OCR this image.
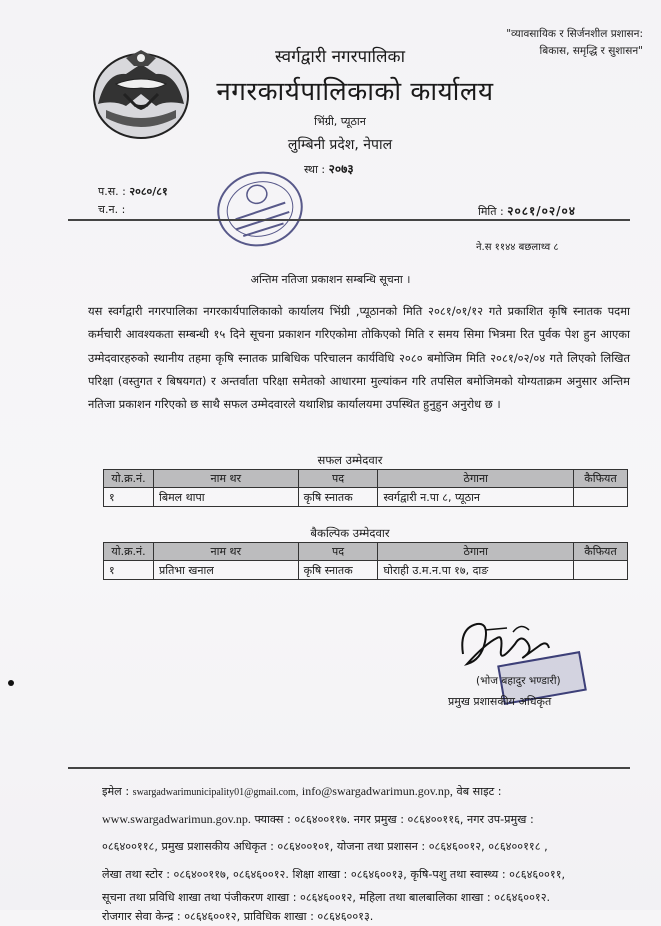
"व्यावसायिक र सिर्जनशील प्रशासन:
बिकास, समृद्धि र सुशासन"
स्वर्गद्वारी नगरपालिका
नगरकार्यपालिकाको कार्यालय
भिंग्री, प्यूठान
लुम्बिनी प्रदेश, नेपाल
स्था : २०७३
प.स. : २०८०/८१
च.न. :	मिति : २०८१/०२/०४
ने.स ११४४ बछलाथ्व ८
अन्तिम नतिजा प्रकाशन सम्बन्धि सूचना ।
यस स्वर्गद्वारी नगरपालिका नगरकार्यपालिकाको कार्यालय भिंग्री ,प्यूठानको मिति २०८१/०१/१२ गते प्रकाशित कृषि स्नातक पदमा कर्मचारी आवश्यकता सम्बन्धी १५ दिने सूचना प्रकाशन गरिएकोमा तोकिएको मिति र समय सिमा भित्रमा रित पुर्वक पेश हुन आएका उम्मेदवारहरुको स्थानीय तहमा कृषि स्नातक प्राबिधिक परिचालन कार्यविधि २०८० बमोजिम मिति २०८१/०२/०४ गते लिएको लिखित परिक्षा (वस्तुगत र बिषयगत) र अन्तर्वाता परिक्षा समेतको आधारमा मुल्यांकन गरि तपसिल बमोजिमको योग्यताक्रम अनुसार अन्तिम नतिजा प्रकाशन गरिएको छ साथै सफल उम्मेदवारले यथाशिघ्र कार्यालयमा उपस्थित हुनुहुन अनुरोध छ ।
सफल उम्मेदवार
यो.क्र.नं.	नाम थर	पद	ठेगाना	कैफियत
१	बिमल थापा	कृषि स्नातक	स्वर्गद्वारी न.पा ८, प्यूठान	
बैकल्पिक उम्मेदवार
यो.क्र.नं.	नाम थर	पद	ठेगाना	कैफियत
१	प्रतिभा खनाल	कृषि स्नातक	घोराही उ.म.न.पा १७, दाङ	
(भोज बहादुर भण्डारी)
प्रमुख प्रशासकीय अधिकृत
इमेल : swargadwarimunicipality01@gmail.com, info@swargadwarimun.gov.np, वेब साइट :
www.swargadwarimun.gov.np. फ्याक्स : ०८६४००११७. नगर प्रमुख : ०८६४००११६, नगर उप-प्रमुख :
०८६४००११८, प्रमुख प्रशासकीय अधिकृत : ०८६४००१०१, योजना तथा प्रशासन : ०८६४६००१२, ०८६४००११८ ,
लेखा तथा स्टोर : ०८६४००११७, ०८६४६००१२. शिक्षा शाखा : ०८६४६००१३, कृषि-पशु तथा स्वास्थ्य : ०८६४६००११,
सूचना तथा प्रविधि शाखा तथा पंजीकरण शाखा : ०८६४६००१२, महिला तथा बालबालिका शाखा : ०८६४६००१२.
रोजगार सेवा केन्द्र : ०८६४६००१२, प्राविधिक शाखा : ०८६४६००१३.
